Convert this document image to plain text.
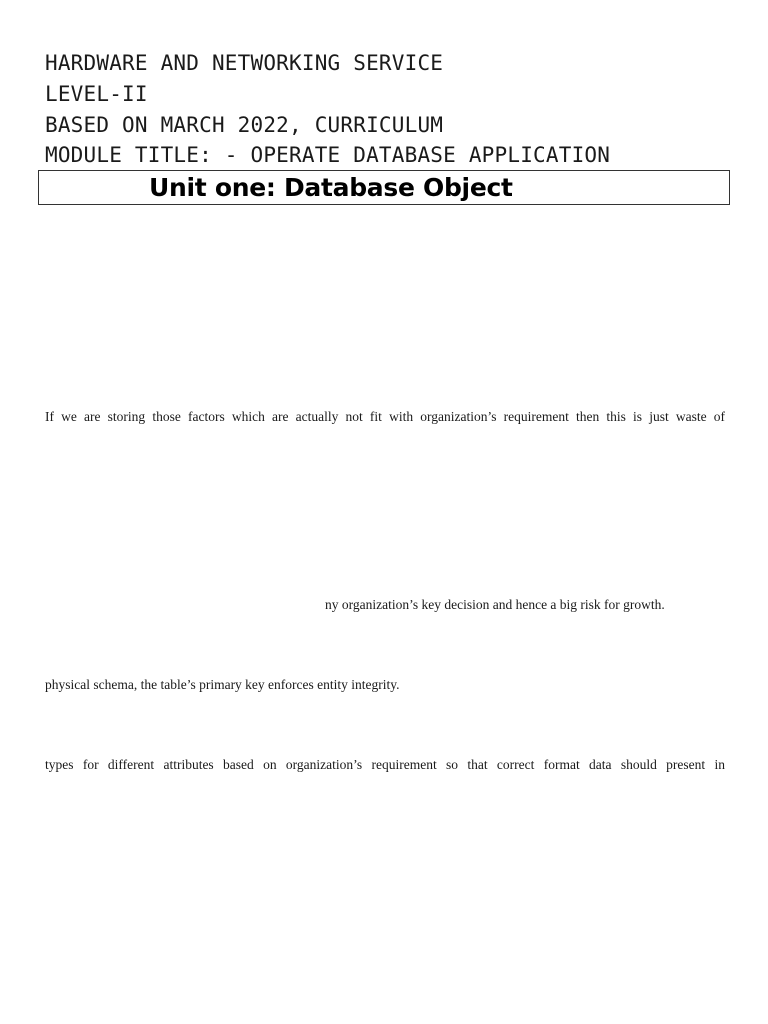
HARDWARE AND NETWORKING SERVICE
LEVEL-II
BASED ON MARCH 2022, CURRICULUM
MODULE TITLE: - OPERATE DATABASE APPLICATION
Unit one: Database Object
If we are storing those factors which are actually not fit with organization’s requirement then this is just waste of
ny organization’s key decision and hence a big risk for growth.
physical schema, the table’s primary key enforces entity integrity.
types for different attributes based on organization’s requirement so that correct format data should present in
